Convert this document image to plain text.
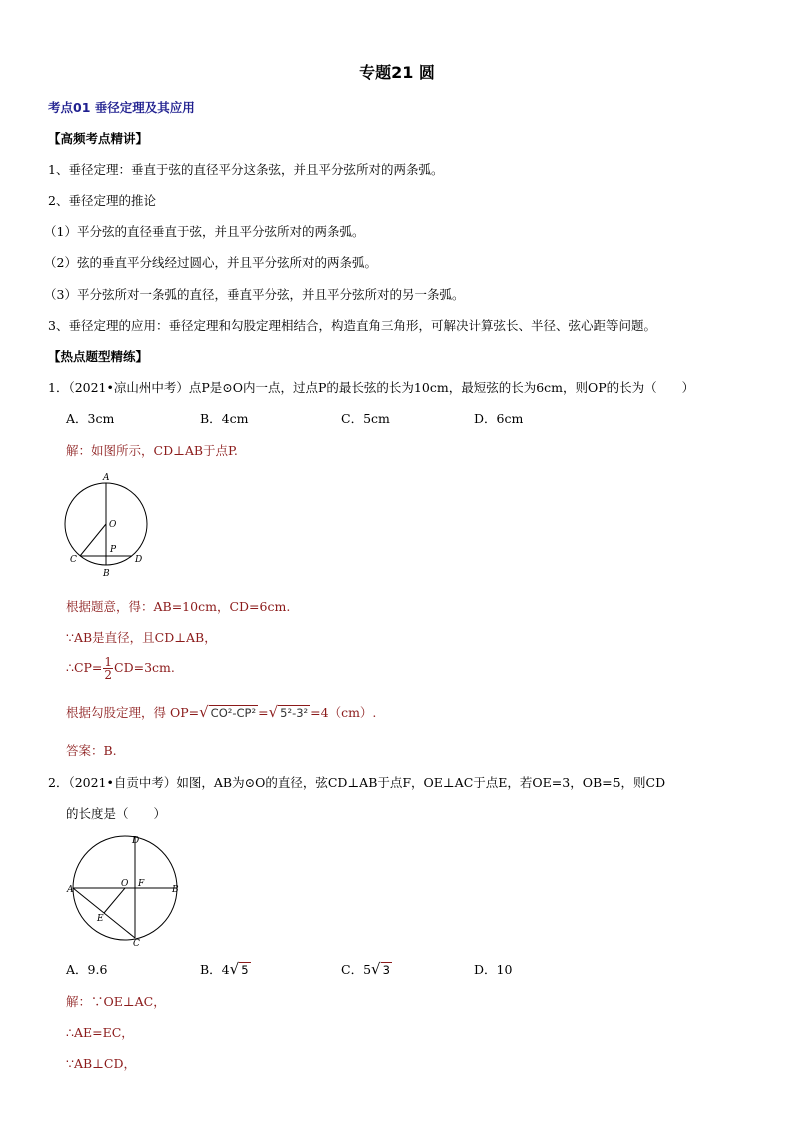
专题21 圆
考点01 垂径定理及其应用
【高频考点精讲】
1、垂径定理：垂直于弦的直径平分这条弦，并且平分弦所对的两条弧。
2、垂径定理的推论
（1）平分弦的直径垂直于弦，并且平分弦所对的两条弧。
（2）弦的垂直平分线经过圆心，并且平分弦所对的两条弧。
（3）平分弦所对一条弧的直径，垂直平分弦，并且平分弦所对的另一条弧。
3、垂径定理的应用：垂径定理和勾股定理相结合，构造直角三角形，可解决计算弦长、半径、弦心距等问题。
【热点题型精练】
1．（2021•凉山州中考）点P是⊙O内一点，过点P的最长弦的长为10cm，最短弦的长为6cm，则OP的长为（　　）
A．3cm	B．4cm	C．5cm	D．6cm
解：如图所示，CD⊥AB于点P.
A
O
P
C	D
B
根据题意，得：AB=10cm，CD=6cm.
∵AB是直径，且CD⊥AB，
∴CP= $\frac{1}{2} CD=3cm$.
根据勾股定理，得 OP=√ CO²-CP² =√ 5²-3² =4（cm）.
答案：B.
2．（2021•自贡中考）如图，AB为⊙O的直径，弦CD⊥AB于点F，OE⊥AC于点E，若OE=3，OB=5，则CD
的长度是（　　）
D
A
O F
B
E
C
A．9.6	B．4√ 5	C．5√ 3	D．10
解：∵OE⊥AC，
∴AE=EC，
∵AB⊥CD，
